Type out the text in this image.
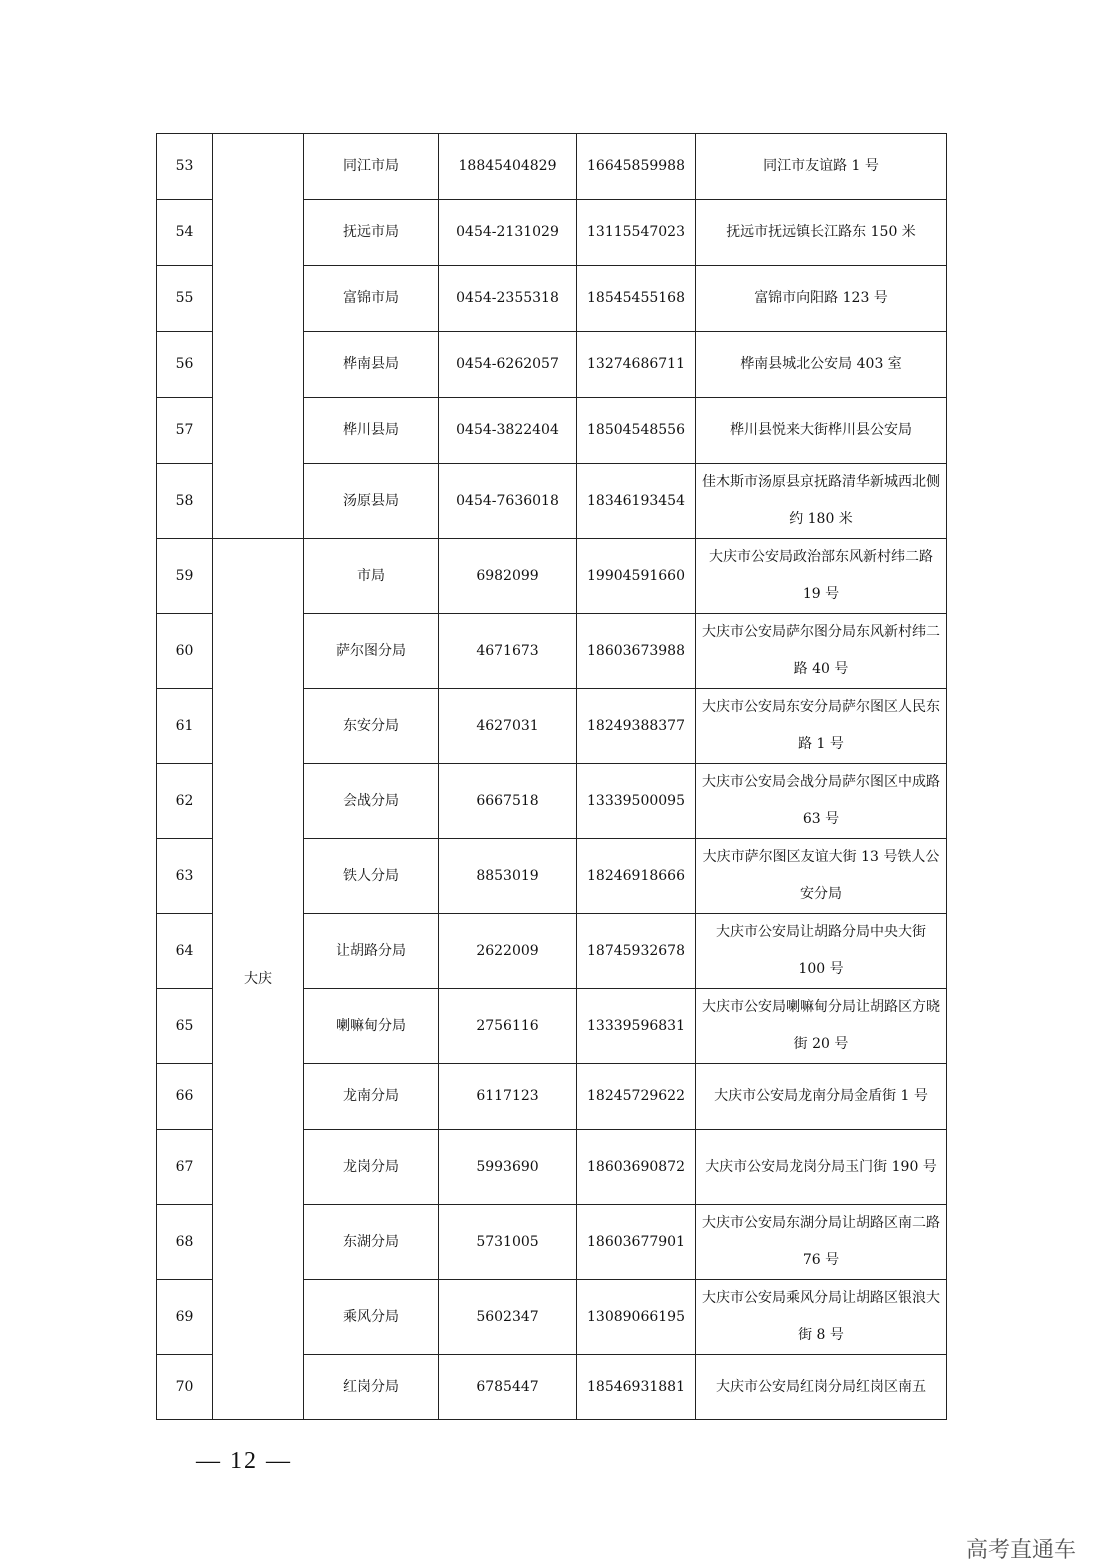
53		同江市局	18845404829	16645859988	同江市友谊路 1 号
54		抚远市局	0454-2131029	13115547023	抚远市抚远镇长江路东 150 米
55		富锦市局	0454-2355318	18545455168	富锦市向阳路 123 号
56		桦南县局	0454-6262057	13274686711	桦南县城北公安局 403 室
57		桦川县局	0454-3822404	18504548556	桦川县悦来大街桦川县公安局
58		汤原县局	0454-7636018	18346193454	佳木斯市汤原县京抚路清华新城西北侧约 180 米
59	大庆	市局	6982099	19904591660	大庆市公安局政治部东风新村纬二路 19 号
60		萨尔图分局	4671673	18603673988	大庆市公安局萨尔图分局东风新村纬二路 40 号
61		东安分局	4627031	18249388377	大庆市公安局东安分局萨尔图区人民东路 1 号
62		会战分局	6667518	13339500095	大庆市公安局会战分局萨尔图区中成路 63 号
63		铁人分局	8853019	18246918666	大庆市萨尔图区友谊大街 13 号铁人公安分局
64		让胡路分局	2622009	18745932678	大庆市公安局让胡路分局中央大街 100 号
65		喇嘛甸分局	2756116	13339596831	大庆市公安局喇嘛甸分局让胡路区方晓街 20 号
66		龙南分局	6117123	18245729622	大庆市公安局龙南分局金盾街 1 号
67		龙岗分局	5993690	18603690872	大庆市公安局龙岗分局玉门街 190 号
68		东湖分局	5731005	18603677901	大庆市公安局东湖分局让胡路区南二路 76 号
69		乘风分局	5602347	13089066195	大庆市公安局乘风分局让胡路区银浪大街 8 号
70		红岗分局	6785447	18546931881	大庆市公安局红岗分局红岗区南五
— 12 —
高考直通车
